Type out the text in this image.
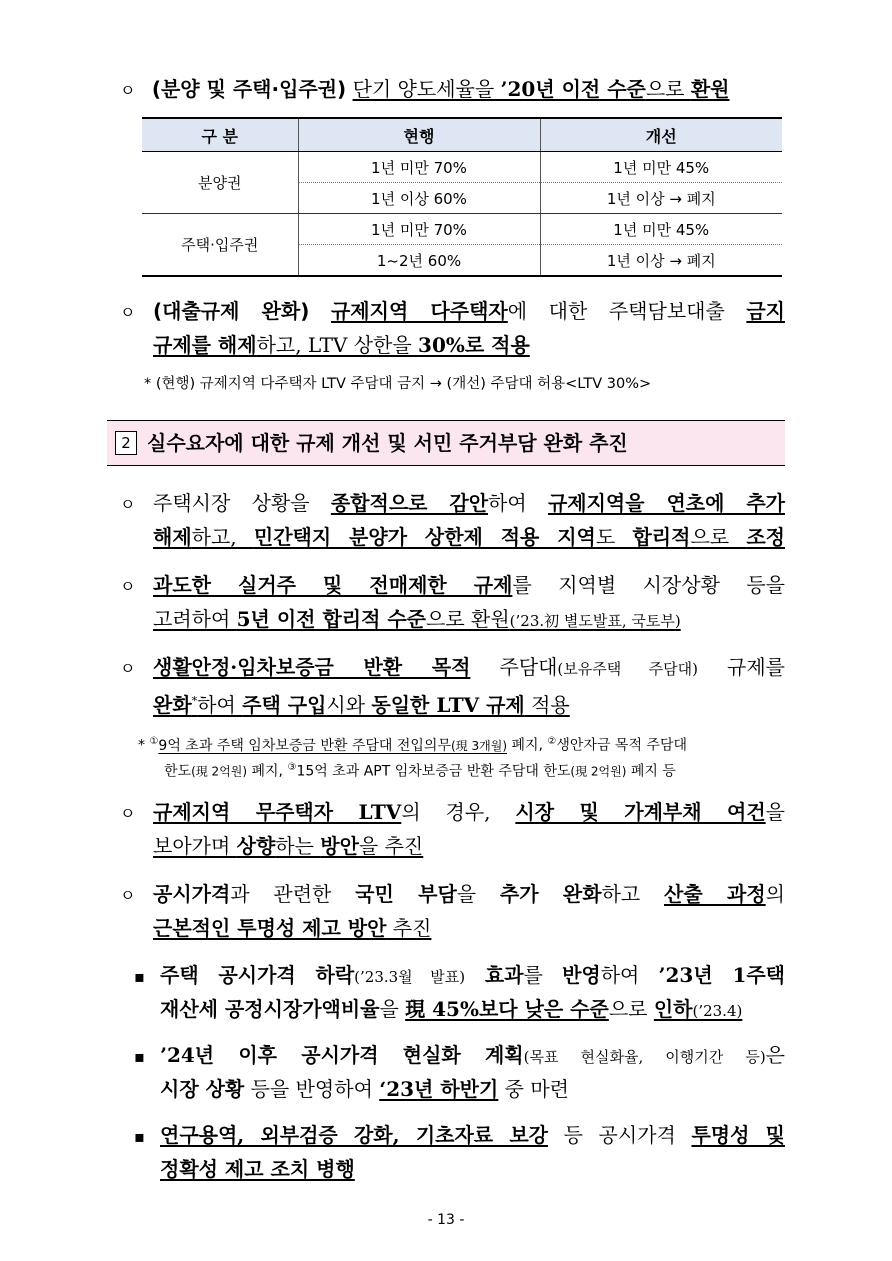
ㅇ (분양 및 주택·입주권) 단기 양도세율을 ’20년 이전 수준으로 환원
구 분	현행	개선
분양권	1년 미만 70%	1년 미만 45%
	1년 이상 60%	1년 이상 → 폐지
주택·입주권	1년 미만 70%	1년 미만 45%
	1~2년 60%	1년 이상 → 폐지
ㅇ (대출규제 완화) 규제지역 다주택자에 대한 주택담보대출 금지
규제를 해제하고, LTV 상한을 30%로 적용
* (현행) 규제지역 다주택자 LTV 주담대 금지 → (개선) 주담대 허용<LTV 30%>
2 실수요자에 대한 규제 개선 및 서민 주거부담 완화 추진
ㅇ 주택시장 상황을 종합적으로 감안하여 규제지역을 연초에 추가
해제하고, 민간택지 분양가 상한제 적용 지역도 합리적으로 조정
ㅇ 과도한 실거주 및 전매제한 규제를 지역별 시장상황 등을
고려하여 5년 이전 합리적 수준으로 환원(’23.初 별도발표, 국토부)
ㅇ 생활안정·임차보증금 반환 목적 주담대(보유주택 주담대) 규제를
완화*하여 주택 구입시와 동일한 LTV 규제 적용
* ①9억 초과 주택 임차보증금 반환 주담대 전입의무(現 3개월) 폐지, ②생안자금 목적 주담대
한도(現 2억원) 폐지, ③15억 초과 APT 임차보증금 반환 주담대 한도(現 2억원) 폐지 등
ㅇ 규제지역 무주택자 LTV의 경우, 시장 및 가계부채 여건을
보아가며 상향하는 방안을 추진
ㅇ 공시가격과 관련한 국민 부담을 추가 완화하고 산출 과정의
근본적인 투명성 제고 방안 추진
▪ 주택 공시가격 하락(’23.3월 발표) 효과를 반영하여 ’23년 1주택
재산세 공정시장가액비율을 現 45%보다 낮은 수준으로 인하(’23.4)
▪ ’24년 이후 공시가격 현실화 계획(목표 현실화율, 이행기간 등)은
시장 상황 등을 반영하여 ‘23년 하반기 중 마련
▪ 연구용역, 외부검증 강화, 기초자료 보강 등 공시가격 투명성 및
정확성 제고 조치 병행
- 13 -
